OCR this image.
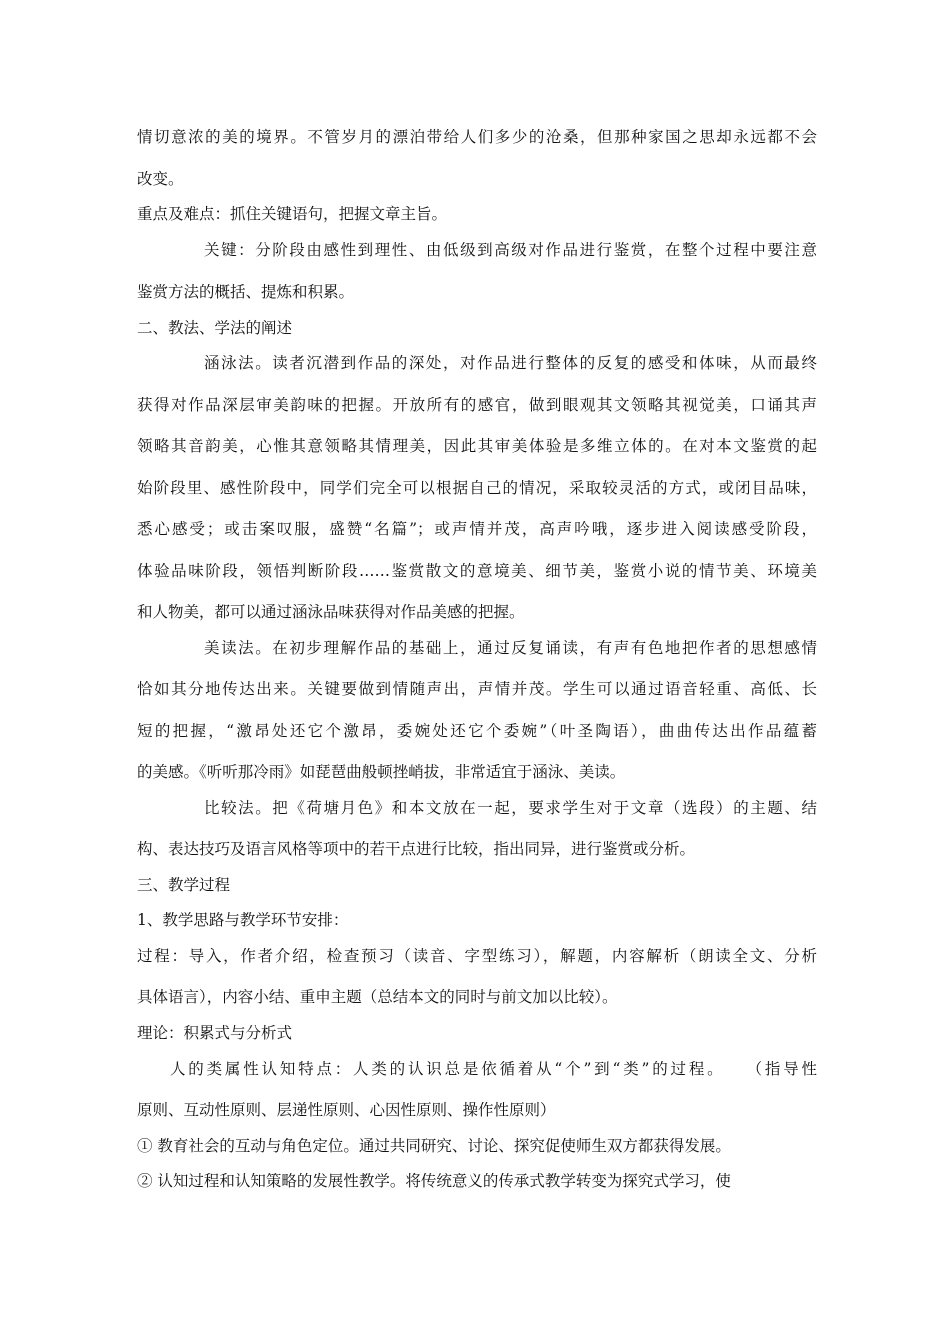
情切意浓的美的境界。不管岁月的漂泊带给人们多少的沧桑，但那种家国之思却永远都不会
改变。
重点及难点：抓住关键语句，把握文章主旨。
关键：分阶段由感性到理性、由低级到高级对作品进行鉴赏，在整个过程中要注意
鉴赏方法的概括、提炼和积累。
二、教法、学法的阐述
涵泳法。读者沉潜到作品的深处，对作品进行整体的反复的感受和体味，从而最终
获得对作品深层审美韵味的把握。开放所有的感官，做到眼观其文领略其视觉美，口诵其声
领略其音韵美，心惟其意领略其情理美，因此其审美体验是多维立体的。在对本文鉴赏的起
始阶段里、感性阶段中，同学们完全可以根据自己的情况，采取较灵活的方式，或闭目品味，
悉心感受；或击案叹服，盛赞“名篇”；或声情并茂，高声吟哦，逐步进入阅读感受阶段，
体验品味阶段，领悟判断阶段……鉴赏散文的意境美、细节美，鉴赏小说的情节美、环境美
和人物美，都可以通过涵泳品味获得对作品美感的把握。
美读法。在初步理解作品的基础上，通过反复诵读，有声有色地把作者的思想感情
恰如其分地传达出来。关键要做到情随声出，声情并茂。学生可以通过语音轻重、高低、长
短的把握，“激昂处还它个激昂，委婉处还它个委婉”（叶圣陶语），曲曲传达出作品蕴蓄
的美感。《听听那冷雨》如琵琶曲般顿挫峭拔，非常适宜于涵泳、美读。
比较法。把《荷塘月色》和本文放在一起，要求学生对于文章（选段）的主题、结
构、表达技巧及语言风格等项中的若干点进行比较，指出同异，进行鉴赏或分析。
三、教学过程
1、教学思路与教学环节安排：
过程：导入，作者介绍，检查预习（读音、字型练习），解题，内容解析（朗读全文、分析
具体语言），内容小结、重申主题（总结本文的同时与前文加以比较）。
理论：积累式与分析式
人的类属性认知特点：人类的认识总是依循着从“个”到“类”的过程。　　（指导性
原则、互动性原则、层递性原则、心因性原则、操作性原则）
① 教育社会的互动与角色定位。通过共同研究、讨论、探究促使师生双方都获得发展。
② 认知过程和认知策略的发展性教学。将传统意义的传承式教学转变为探究式学习，使
